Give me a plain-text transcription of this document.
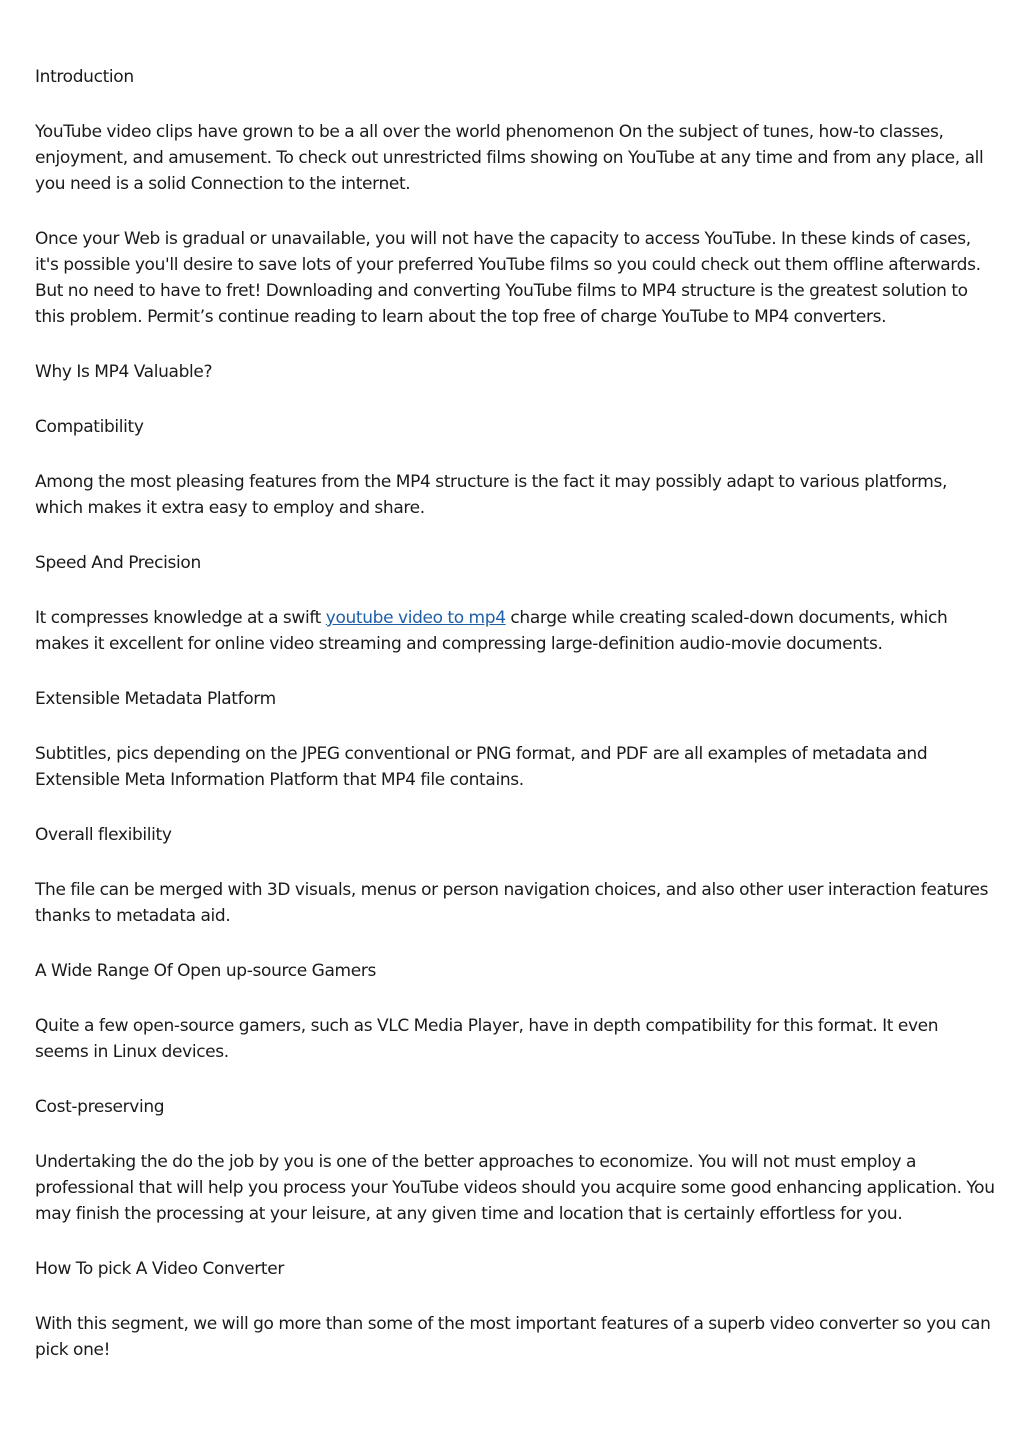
Introduction

YouTube video clips have grown to be a all over the world phenomenon On the subject of tunes, how-to classes, enjoyment, and amusement. To check out unrestricted films showing on YouTube at any time and from any place, all you need is a solid Connection to the internet.

Once your Web is gradual or unavailable, you will not have the capacity to access YouTube. In these kinds of cases, it's possible you'll desire to save lots of your preferred YouTube films so you could check out them offline afterwards. But no need to have to fret! Downloading and converting YouTube films to MP4 structure is the greatest solution to this problem. Permit’s continue reading to learn about the top free of charge YouTube to MP4 converters.

Why Is MP4 Valuable?

Compatibility

Among the most pleasing features from the MP4 structure is the fact it may possibly adapt to various platforms, which makes it extra easy to employ and share.

Speed And Precision

It compresses knowledge at a swift youtube video to mp4 charge while creating scaled-down documents, which makes it excellent for online video streaming and compressing large-definition audio-movie documents.

Extensible Metadata Platform

Subtitles, pics depending on the JPEG conventional or PNG format, and PDF are all examples of metadata and Extensible Meta Information Platform that MP4 file contains.

Overall flexibility

The file can be merged with 3D visuals, menus or person navigation choices, and also other user interaction features thanks to metadata aid.

A Wide Range Of Open up-source Gamers

Quite a few open-source gamers, such as VLC Media Player, have in depth compatibility for this format. It even seems in Linux devices.

Cost-preserving

Undertaking the do the job by you is one of the better approaches to economize. You will not must employ a professional that will help you process your YouTube videos should you acquire some good enhancing application. You may finish the processing at your leisure, at any given time and location that is certainly effortless for you.

How To pick A Video Converter

With this segment, we will go more than some of the most important features of a superb video converter so you can pick one!
